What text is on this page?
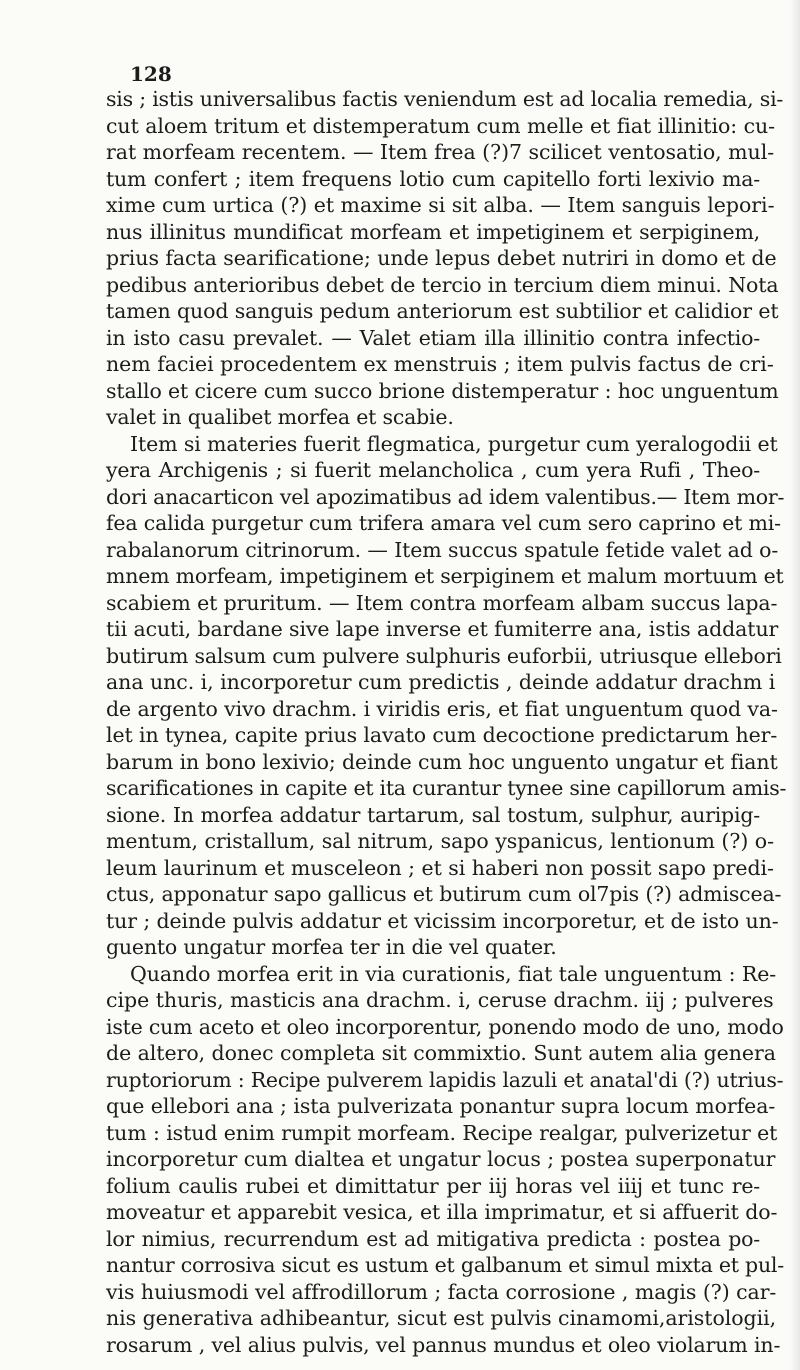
128
sis ; istis universalibus factis veniendum est ad localia remedia, si-
cut aloem tritum et distemperatum cum melle et fiat illinitio: cu-
rat morfeam recentem. — Item frea (?)7 scilicet ventosatio, mul-
tum confert ; item frequens lotio cum capitello forti lexivio ma-
xime cum urtica (?) et maxime si sit alba. — Item sanguis lepori-
nus illinitus mundificat morfeam et impetiginem et serpiginem,
prius facta searificatione; unde lepus debet nutriri in domo et de
pedibus anterioribus debet de tercio in tercium diem minui. Nota
tamen quod sanguis pedum anteriorum est subtilior et calidior et
in isto casu prevalet. — Valet etiam illa illinitio contra infectio-
nem faciei procedentem ex menstruis ; item pulvis factus de cri-
stallo et cicere cum succo brione distemperatur : hoc unguentum
valet in qualibet morfea et scabie.
Item si materies fuerit flegmatica, purgetur cum yeralogodii et
yera Archigenis ; si fuerit melancholica , cum yera Rufi , Theo-
dori anacarticon vel apozimatibus ad idem valentibus.— Item mor-
fea calida purgetur cum trifera amara vel cum sero caprino et mi-
rabalanorum citrinorum. — Item succus spatule fetide valet ad o-
mnem morfeam, impetiginem et serpiginem et malum mortuum et
scabiem et pruritum. — Item contra morfeam albam succus lapa-
tii acuti, bardane sive lape inverse et fumiterre ana, istis addatur
butirum salsum cum pulvere sulphuris euforbii, utriusque ellebori
ana unc. i, incorporetur cum predictis , deinde addatur drachm i
de argento vivo drachm. i viridis eris, et fiat unguentum quod va-
let in tynea, capite prius lavato cum decoctione predictarum her-
barum in bono lexivio; deinde cum hoc unguento ungatur et fiant
scarificationes in capite et ita curantur tynee sine capillorum amis-
sione. In morfea addatur tartarum, sal tostum, sulphur, auripig-
mentum, cristallum, sal nitrum, sapo yspanicus, lentionum (?) o-
leum laurinum et musceleon ; et si haberi non possit sapo predi-
ctus, apponatur sapo gallicus et butirum cum ol7pis (?) admiscea-
tur ; deinde pulvis addatur et vicissim incorporetur, et de isto un-
guento ungatur morfea ter in die vel quater.
Quando morfea erit in via curationis, fiat tale unguentum : Re-
cipe thuris, masticis ana drachm. i, ceruse drachm. iij ; pulveres
iste cum aceto et oleo incorporentur, ponendo modo de uno, modo
de altero, donec completa sit commixtio. Sunt autem alia genera
ruptoriorum : Recipe pulverem lapidis lazuli et anatal'di (?) utrius-
que ellebori ana ; ista pulverizata ponantur supra locum morfea-
tum : istud enim rumpit morfeam. Recipe realgar, pulverizetur et
incorporetur cum dialtea et ungatur locus ; postea superponatur
folium caulis rubei et dimittatur per iij horas vel iiij et tunc re-
moveatur et apparebit vesica, et illa imprimatur, et si affuerit do-
lor nimius, recurrendum est ad mitigativa predicta : postea po-
nantur corrosiva sicut es ustum et galbanum et simul mixta et pul-
vis huiusmodi vel affrodillorum ; facta corrosione , magis (?) car-
nis generativa adhibeantur, sicut est pulvis cinamomi,aristologii,
rosarum , vel alius pulvis, vel pannus mundus et oleo violarum in-
